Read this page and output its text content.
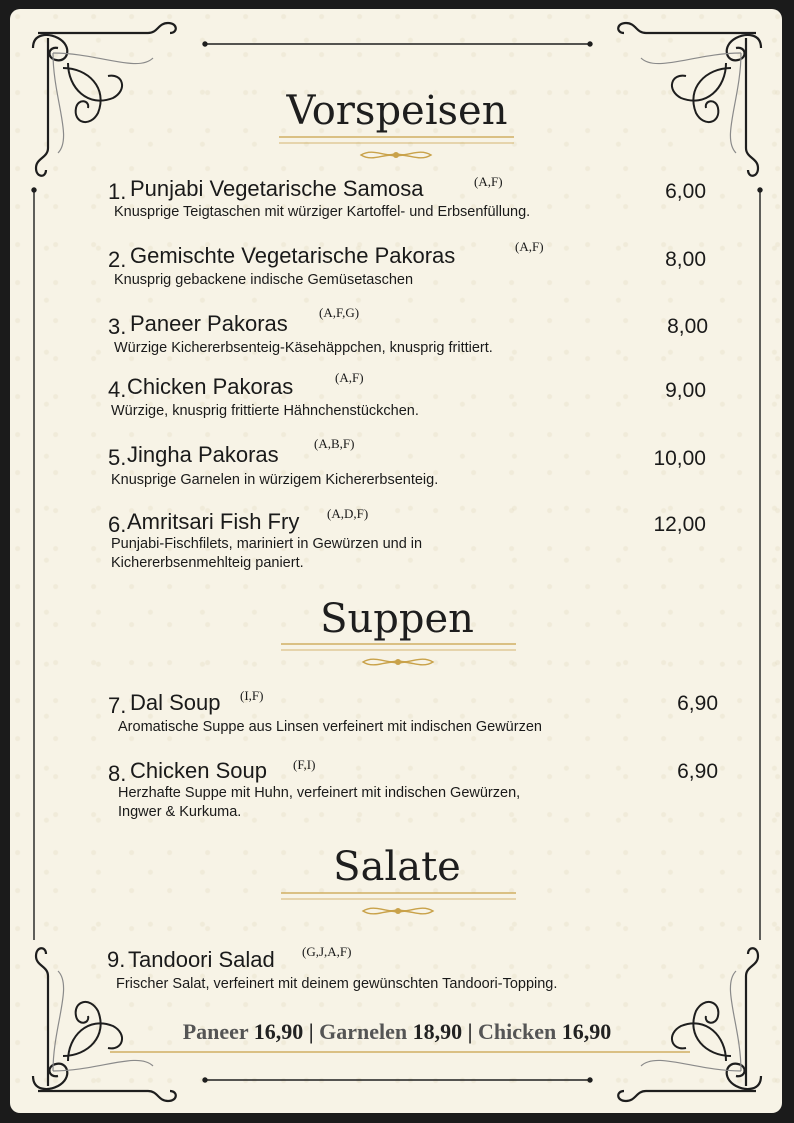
Vorspeisen
1. Punjabi Vegetarische Samosa	(A,F)
Knusprige Teigtaschen mit würziger Kartoffel- und Erbsenfüllung.
6,00
2. Gemischte Vegetarische Pakoras	(A,F)
Knusprig gebackene indische Gemüsetaschen
8,00
3. Paneer Pakoras (A,F,G)
Würzige Kichererbsenteig-Käsehäppchen, knusprig frittiert.
8,00
4. Chicken Pakoras	(A,F)
Würzige, knusprig frittierte Hähnchenstückchen.
9,00
5. Jingha Pakoras	(A,B,F)
Knusprige Garnelen in würzigem Kichererbsenteig.
10,00
6. Amritsari Fish Fry (A,D,F)
Punjabi-Fischfilets, mariniert in Gewürzen und in
Kichererbsenmehlteig paniert.
12,00
Suppen
7. Dal Soup (I,F)
Aromatische Suppe aus Linsen verfeinert mit indischen Gewürzen
6,90
8. Chicken Soup (F,I)
Herzhafte Suppe mit Huhn, verfeinert mit indischen Gewürzen,
Ingwer & Kurkuma.
6,90
Salate
9. Tandoori Salad (G,J,A,F)
Frischer Salat, verfeinert mit deinem gewünschten Tandoori-Topping.
Paneer 16,90 | Garnelen 18,90 | Chicken 16,90
